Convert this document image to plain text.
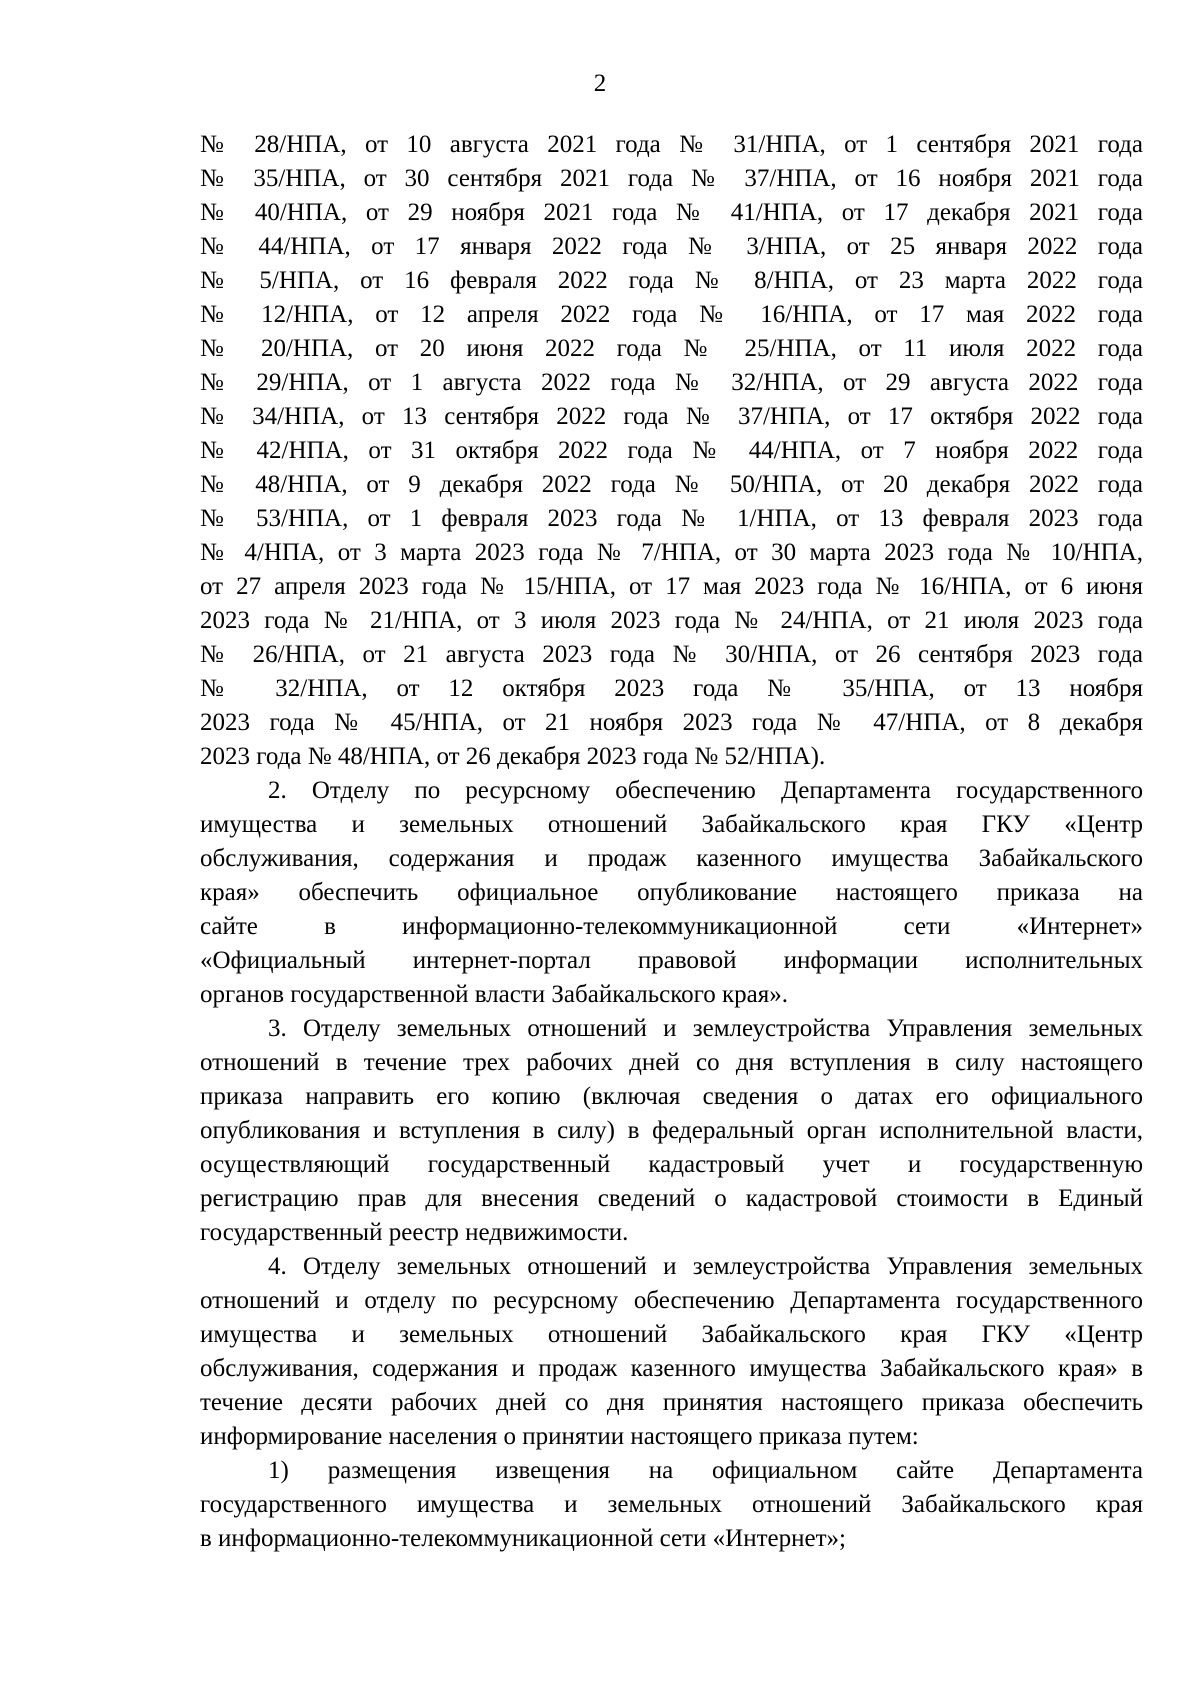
2
№ 28/НПА, от 10 августа 2021 года № 31/НПА, от 1 сентября 2021 года
№ 35/НПА, от 30 сентября 2021 года № 37/НПА, от 16 ноября 2021 года
№ 40/НПА, от 29 ноября 2021 года № 41/НПА, от 17 декабря 2021 года
№ 44/НПА, от 17 января 2022 года № 3/НПА, от 25 января 2022 года
№ 5/НПА, от 16 февраля 2022 года № 8/НПА, от 23 марта 2022 года
№ 12/НПА, от 12 апреля 2022 года № 16/НПА, от 17 мая 2022 года
№ 20/НПА, от 20 июня 2022 года № 25/НПА, от 11 июля 2022 года
№ 29/НПА, от 1 августа 2022 года № 32/НПА, от 29 августа 2022 года
№ 34/НПА, от 13 сентября 2022 года № 37/НПА, от 17 октября 2022 года
№ 42/НПА, от 31 октября 2022 года № 44/НПА, от 7 ноября 2022 года
№ 48/НПА, от 9 декабря 2022 года № 50/НПА, от 20 декабря 2022 года
№ 53/НПА, от 1 февраля 2023 года № 1/НПА, от 13 февраля 2023 года
№ 4/НПА, от 3 марта 2023 года № 7/НПА, от 30 марта 2023 года № 10/НПА,
от 27 апреля 2023 года № 15/НПА, от 17 мая 2023 года № 16/НПА, от 6 июня
2023 года № 21/НПА, от 3 июля 2023 года № 24/НПА, от 21 июля 2023 года
№ 26/НПА, от 21 августа 2023 года № 30/НПА, от 26 сентября 2023 года
№ 32/НПА, от 12 октября 2023 года № 35/НПА, от 13 ноября
2023 года № 45/НПА, от 21 ноября 2023 года № 47/НПА, от 8 декабря
2023 года № 48/НПА, от 26 декабря 2023 года № 52/НПА).
2. Отделу по ресурсному обеспечению Департамента государственного
имущества и земельных отношений Забайкальского края ГКУ «Центр
обслуживания, содержания и продаж казенного имущества Забайкальского
края» обеспечить официальное опубликование настоящего приказа на
сайте в информационно-телекоммуникационной сети «Интернет»
«Официальный интернет-портал правовой информации исполнительных
органов государственной власти Забайкальского края».
3. Отделу земельных отношений и землеустройства Управления земельных
отношений в течение трех рабочих дней со дня вступления в силу настоящего
приказа направить его копию (включая сведения о датах его официального
опубликования и вступления в силу) в федеральный орган исполнительной власти,
осуществляющий государственный кадастровый учет и государственную
регистрацию прав для внесения сведений о кадастровой стоимости в Единый
государственный реестр недвижимости.
4. Отделу земельных отношений и землеустройства Управления земельных
отношений и отделу по ресурсному обеспечению Департамента государственного
имущества и земельных отношений Забайкальского края ГКУ «Центр
обслуживания, содержания и продаж казенного имущества Забайкальского края» в
течение десяти рабочих дней со дня принятия настоящего приказа обеспечить
информирование населения о принятии настоящего приказа путем:
1) размещения извещения на официальном сайте Департамента
государственного имущества и земельных отношений Забайкальского края
в информационно-телекоммуникационной сети «Интернет»;
